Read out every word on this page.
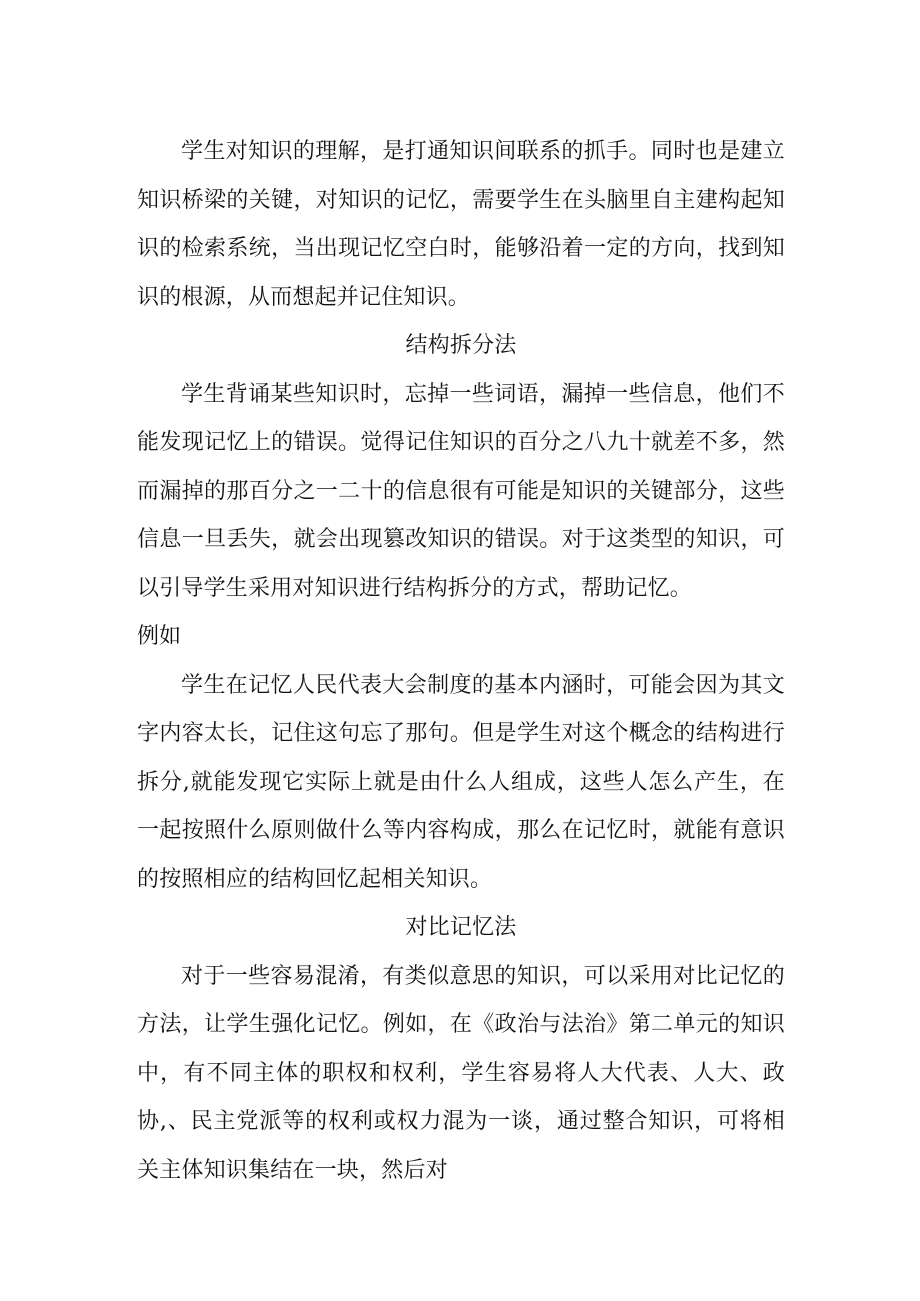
学生对知识的理解，是打通知识间联系的抓手。同时也是建立知识桥梁的关键，对知识的记忆，需要学生在头脑里自主建构起知识的检索系统，当出现记忆空白时，能够沿着一定的方向，找到知识的根源，从而想起并记住知识。

结构拆分法

学生背诵某些知识时，忘掉一些词语，漏掉一些信息，他们不能发现记忆上的错误。觉得记住知识的百分之八九十就差不多，然而漏掉的那百分之一二十的信息很有可能是知识的关键部分，这些信息一旦丢失，就会出现篡改知识的错误。对于这类型的知识，可以引导学生采用对知识进行结构拆分的方式，帮助记忆。

例如

学生在记忆人民代表大会制度的基本内涵时，可能会因为其文字内容太长，记住这句忘了那句。但是学生对这个概念的结构进行拆分,就能发现它实际上就是由什么人组成，这些人怎么产生，在一起按照什么原则做什么等内容构成，那么在记忆时，就能有意识的按照相应的结构回忆起相关知识。

对比记忆法

对于一些容易混淆，有类似意思的知识，可以采用对比记忆的方法，让学生强化记忆。例如，在《政治与法治》第二单元的知识中，有不同主体的职权和权利，学生容易将人大代表、人大、政协,、民主党派等的权利或权力混为一谈，通过整合知识，可将相关主体知识集结在一块，然后对
